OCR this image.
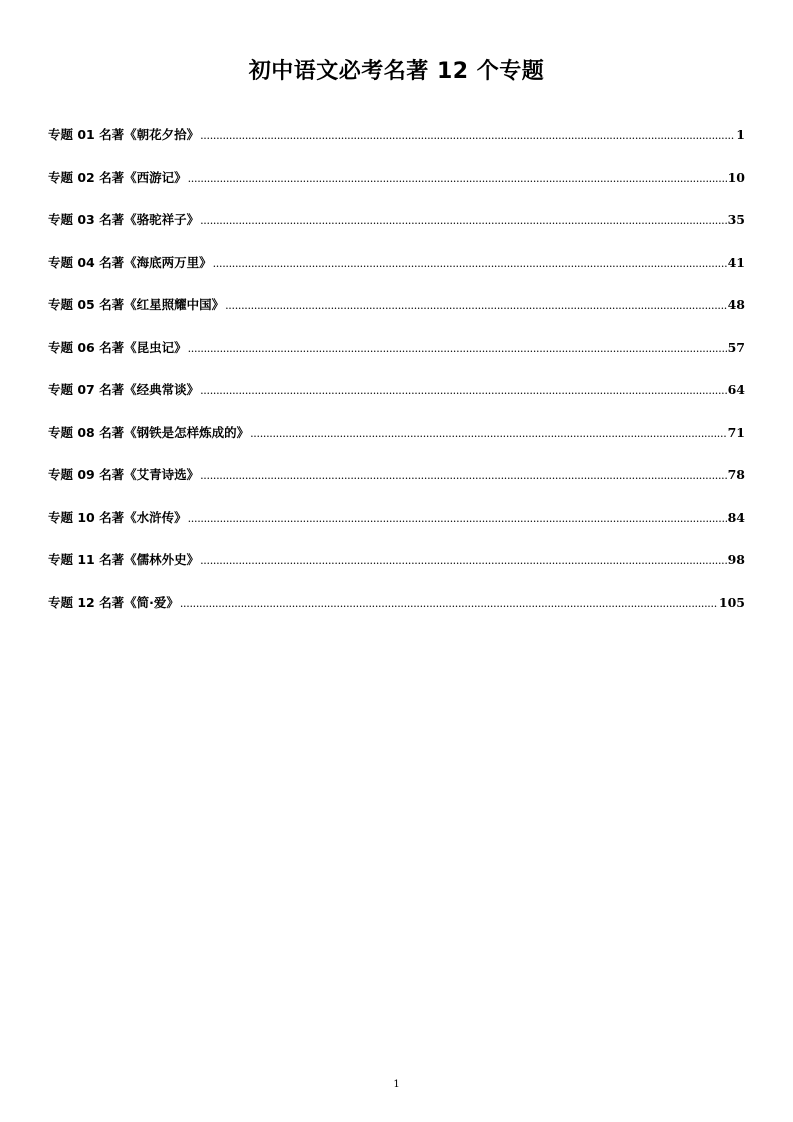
初中语文必考名著 12 个专题
专题 01 名著《朝花夕拾》 .....	1
专题 02 名著《西游记》 .....	10
专题 03 名著《骆驼祥子》 .....	35
专题 04 名著《海底两万里》 .....	41
专题 05 名著《红星照耀中国》 .....	48
专题 06 名著《昆虫记》 .....	57
专题 07 名著《经典常谈》 .....	64
专题 08 名著《钢铁是怎样炼成的》 .....	71
专题 09 名著《艾青诗选》 .....	78
专题 10 名著《水浒传》 .....	84
专题 11 名著《儒林外史》 .....	98
专题 12 名著《简·爱》 .....	105
1
